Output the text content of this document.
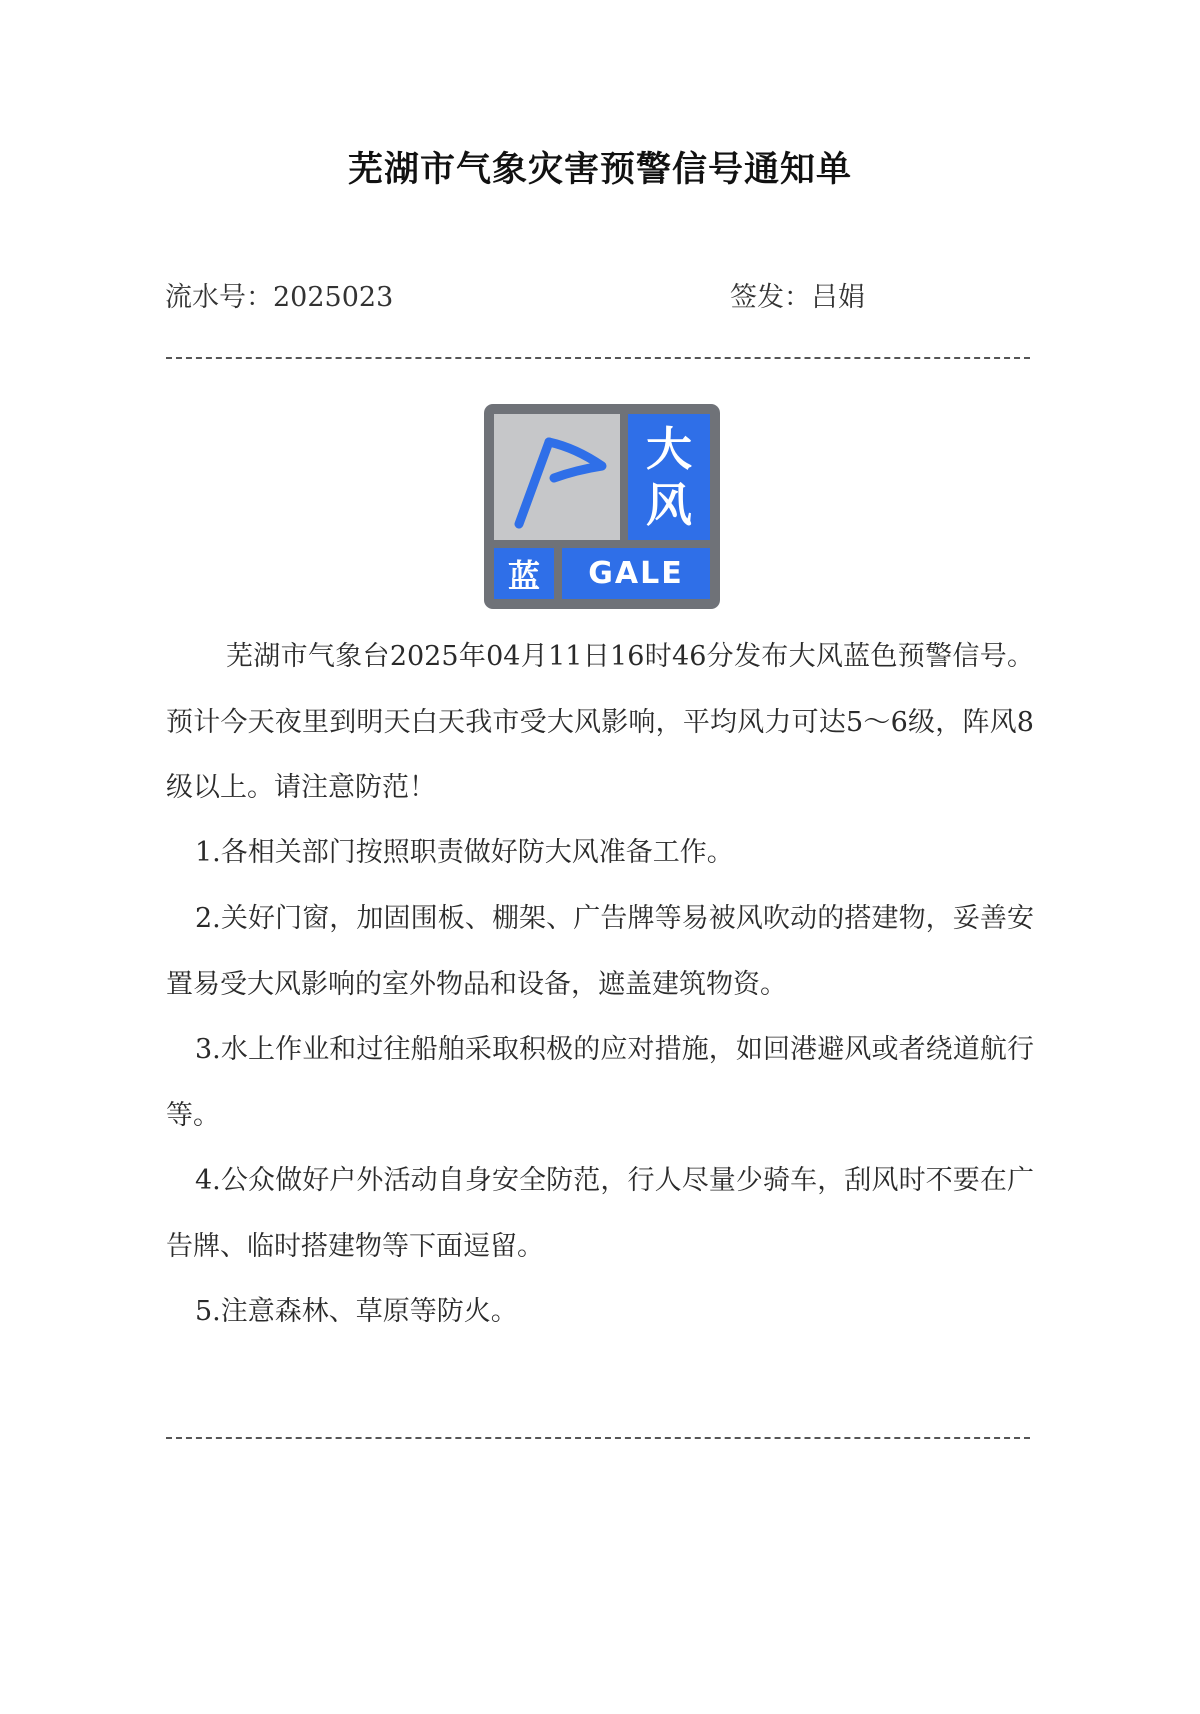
芜湖市气象灾害预警信号通知单
流水号：2025023	签发：吕娟
大
风
蓝	GALE
芜湖市气象台2025年04月11日16时46分发布大风蓝色预警信号。预计今天夜里到明天白天我市受大风影响，平均风力可达5～6级，阵风8级以上。请注意防范！
1.各相关部门按照职责做好防大风准备工作。
2.关好门窗，加固围板、棚架、广告牌等易被风吹动的搭建物，妥善安置易受大风影响的室外物品和设备，遮盖建筑物资。
3.水上作业和过往船舶采取积极的应对措施，如回港避风或者绕道航行等。
4.公众做好户外活动自身安全防范，行人尽量少骑车，刮风时不要在广告牌、临时搭建物等下面逗留。
5.注意森林、草原等防火。
